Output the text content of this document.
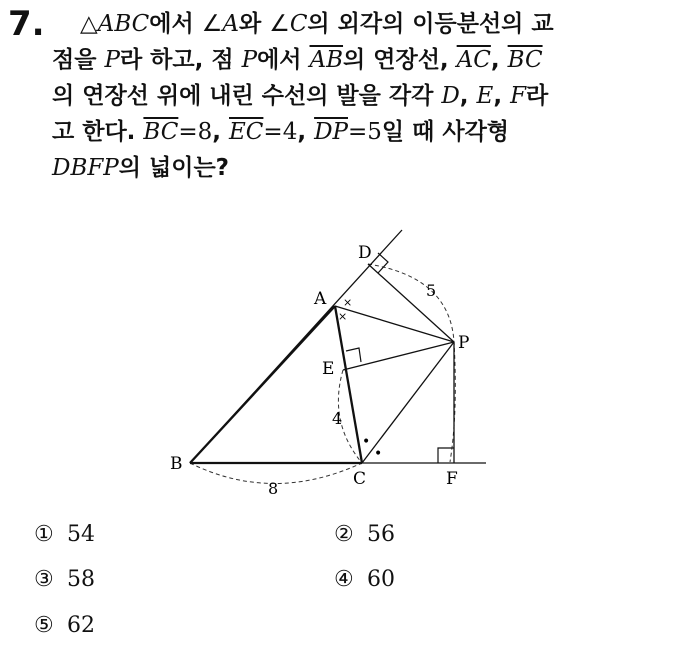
7.	△ABC에서 ∠A와 ∠C의 외각의 이등분선의 교
점을 P라 하고, 점 P에서 $\overline{AB}$의 연장선, $\overline{AC}$, $\overline{BC}$
의 연장선 위에 내린 수선의 발을 각각 D, E, F라
고 한다. $\overline{BC}=8$, $\overline{EC}=4$, $\overline{DP}=5$일 때 사각형
DBFP의 넓이는?
×
×
•
•
A
B
C
D
E
F
P
8
4
5
① 54	② 56
③ 58	④ 60
⑤ 62
